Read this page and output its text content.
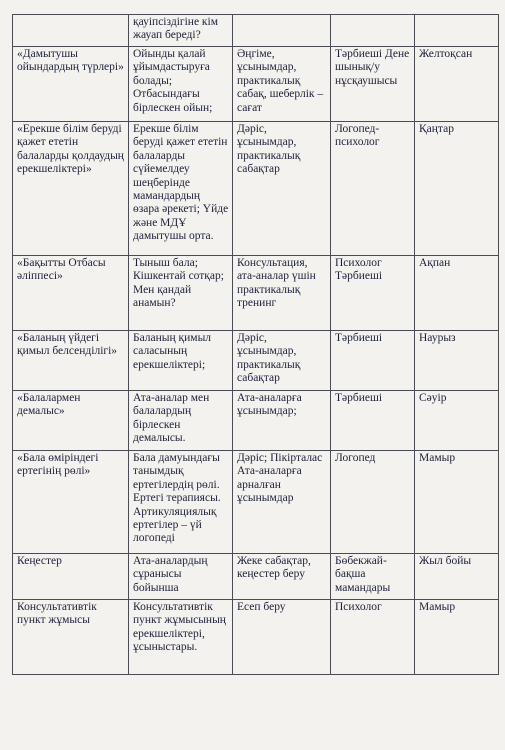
	қауіпсіздігіне кім жауап береді?			
«Дамытушы ойындардың түрлері»	Ойынды қалай ұйымдастыруға болады; Отбасындағы бірлескен ойын;	Әңгіме, ұсынымдар, практикалық сабақ, шеберлік – сағат	Тәрбиеші Дене шынық/у нұсқаушысы	Желтоқсан
«Ерекше білім беруді қажет ететін балаларды қолдаудың ерекшеліктері»	Ерекше білім беруді қажет ететін балаларды сүйемелдеу шеңберінде мамандардың өзара әрекеті; Үйде және МДҰ дамытушы орта.	Дәріс, ұсынымдар, практикалық сабақтар	Логопед-психолог	Қаңтар
«Бақытты Отбасы әліппесі»	Тыныш бала; Кішкентай сотқар; Мен қандай анамын?	Консультация, ата-аналар үшін практикалық тренинг	Психолог Тәрбиеші	Ақпан
«Баланың үйдегі қимыл белсенділігі»	Баланың қимыл саласының ерекшеліктері;	Дәріс, ұсынымдар, практикалық сабақтар	Тәрбиеші	Наурыз
«Балалармен демалыс»	Ата-аналар мен балалардың бірлескен демалысы.	Ата-аналарға ұсынымдар;	Тәрбиеші	Сәуір
«Бала өміріндегі ертегінің рөлі»	Бала дамуындағы танымдық ертегілердің рөлі. Ертегі терапиясы. Артикуляциялық ертегілер – үй логопеді	Дәріс; Пікірталас Ата-аналарға арналған ұсынымдар	Логопед	Мамыр
Кеңестер	Ата-аналардың сұранысы бойынша	Жеке сабақтар, кеңестер беру	Бөбекжай-бақша мамандары	Жыл бойы
Консультативтік пункт жұмысы	Консультативтік пункт жұмысының ерекшеліктері, ұсыныстары.	Есеп беру	Психолог	Мамыр
